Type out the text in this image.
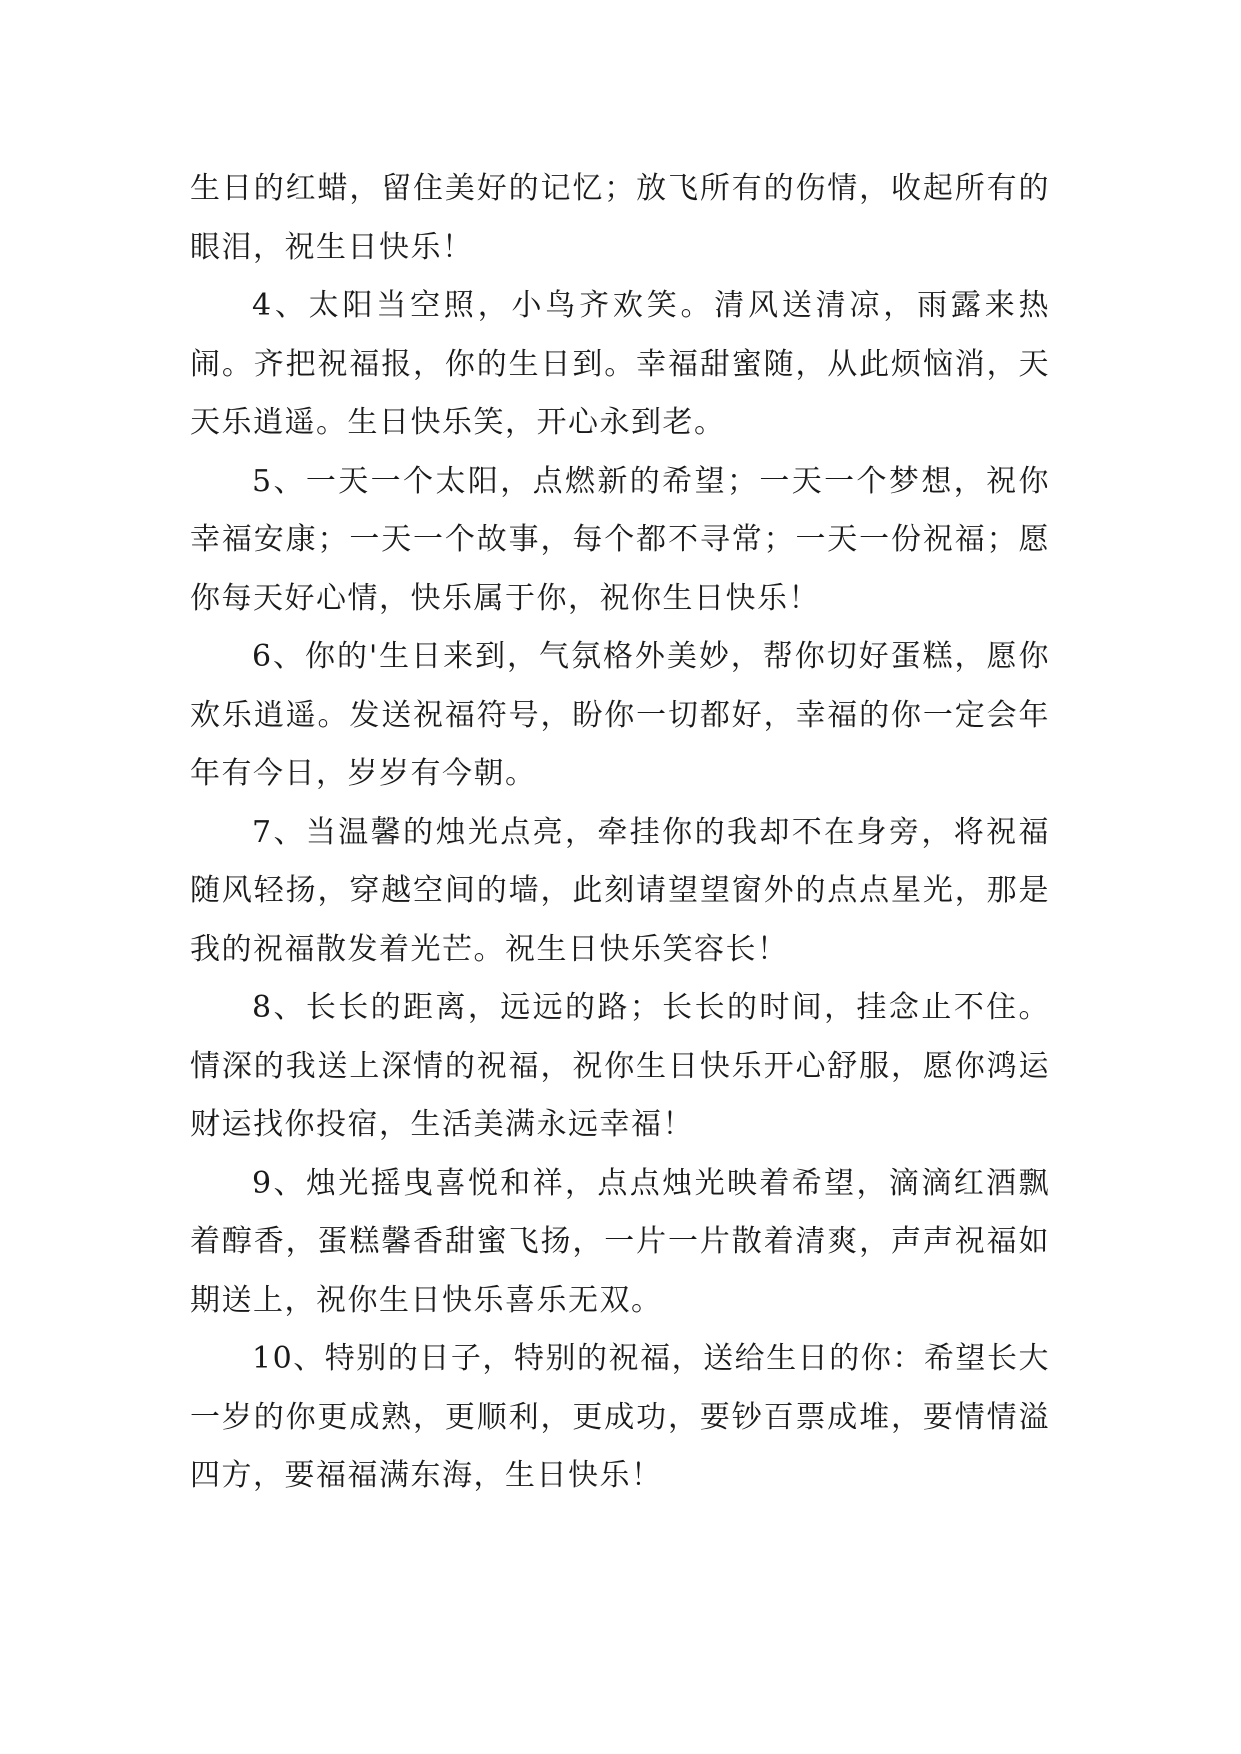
生日的红蜡，留住美好的记忆；放飞所有的伤情，收起所有的眼泪，祝生日快乐！

4、太阳当空照，小鸟齐欢笑。清风送清凉，雨露来热闹。齐把祝福报，你的生日到。幸福甜蜜随，从此烦恼消，天天乐逍遥。生日快乐笑，开心永到老。

5、一天一个太阳，点燃新的希望；一天一个梦想，祝你幸福安康；一天一个故事，每个都不寻常；一天一份祝福；愿你每天好心情，快乐属于你，祝你生日快乐！

6、你的'生日来到，气氛格外美妙，帮你切好蛋糕，愿你欢乐逍遥。发送祝福符号，盼你一切都好，幸福的你一定会年年有今日，岁岁有今朝。

7、当温馨的烛光点亮，牵挂你的我却不在身旁，将祝福随风轻扬，穿越空间的墙，此刻请望望窗外的点点星光，那是我的祝福散发着光芒。祝生日快乐笑容长！

8、长长的距离，远远的路；长长的时间，挂念止不住。情深的我送上深情的祝福，祝你生日快乐开心舒服，愿你鸿运财运找你投宿，生活美满永远幸福！

9、烛光摇曳喜悦和祥，点点烛光映着希望，滴滴红酒飘着醇香，蛋糕馨香甜蜜飞扬，一片一片散着清爽，声声祝福如期送上，祝你生日快乐喜乐无双。

10、特别的日子，特别的祝福，送给生日的你：希望长大一岁的你更成熟，更顺利，更成功，要钞百票成堆，要情情溢四方，要福福满东海，生日快乐！
